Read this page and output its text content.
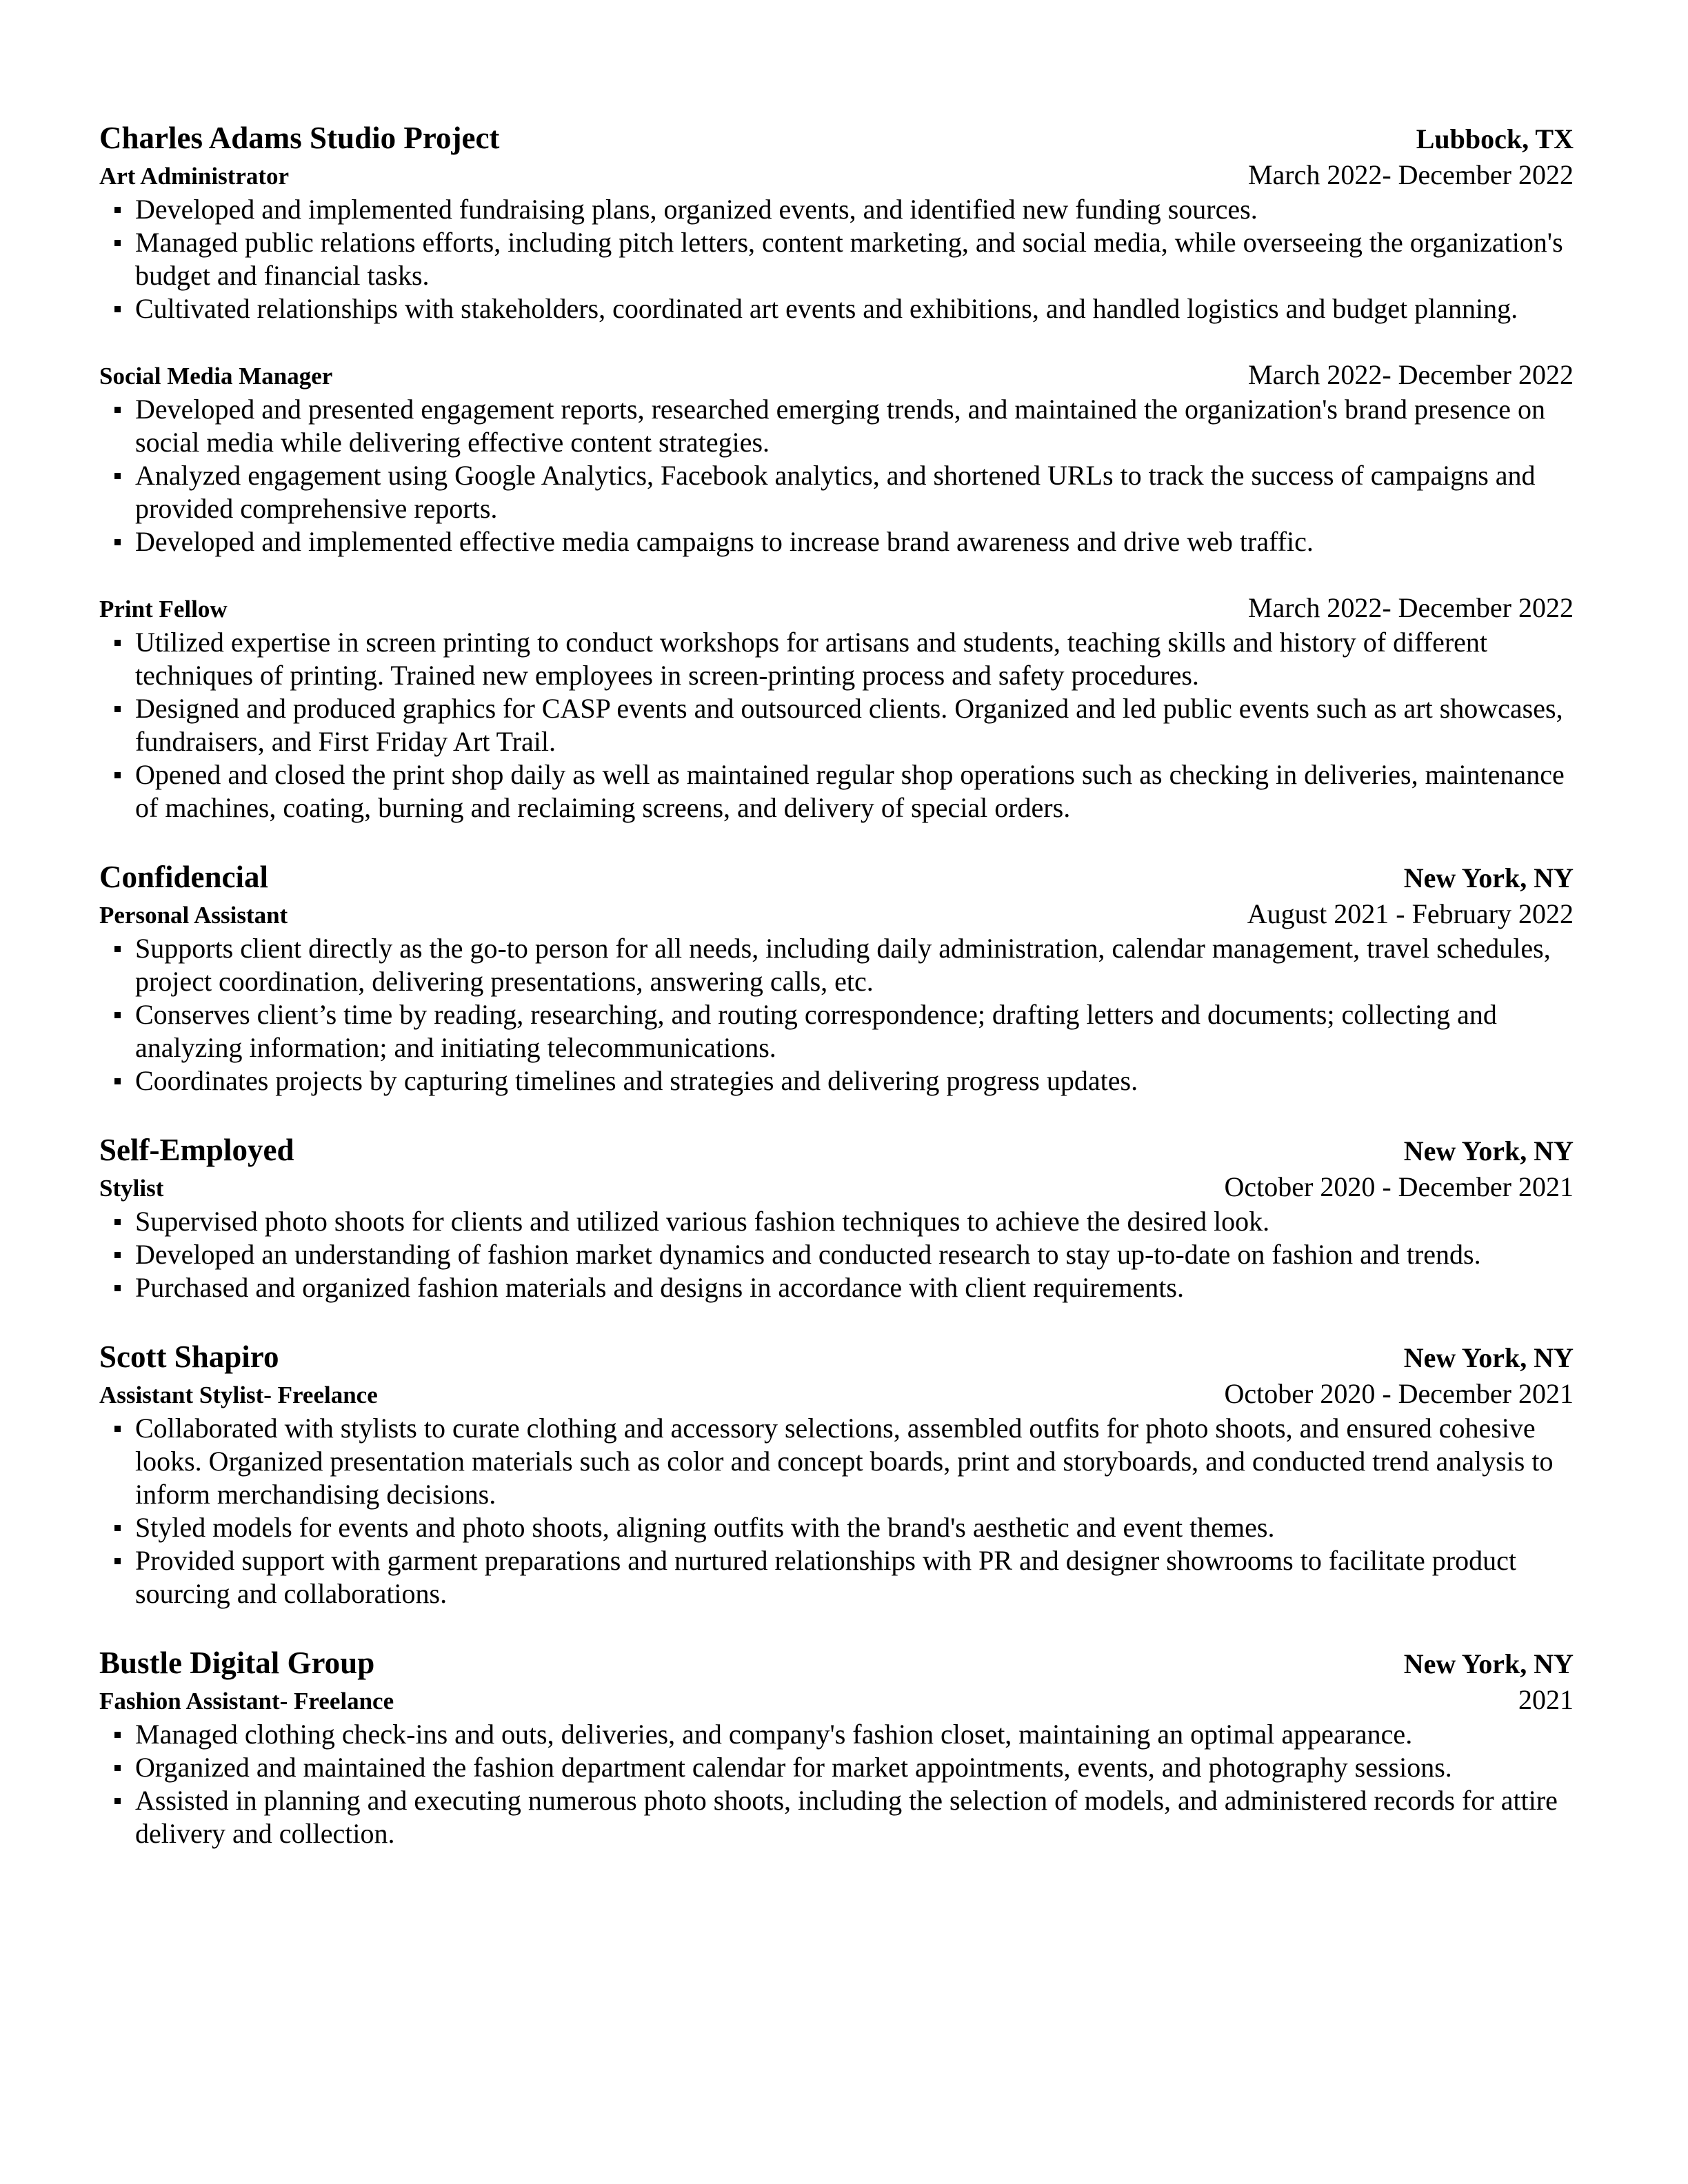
Charles Adams Studio Project	Lubbock, TX
Art Administrator	March 2022- December 2022
Developed and implemented fundraising plans, organized events, and identified new funding sources.
Managed public relations efforts, including pitch letters, content marketing, and social media, while overseeing the organization's budget and financial tasks.
Cultivated relationships with stakeholders, coordinated art events and exhibitions, and handled logistics and budget planning.
Social Media Manager	March 2022- December 2022
Developed and presented engagement reports, researched emerging trends, and maintained the organization's brand presence on social media while delivering effective content strategies.
Analyzed engagement using Google Analytics, Facebook analytics, and shortened URLs to track the success of campaigns and provided comprehensive reports.
Developed and implemented effective media campaigns to increase brand awareness and drive web traffic.
Print Fellow	March 2022- December 2022
Utilized expertise in screen printing to conduct workshops for artisans and students, teaching skills and history of different techniques of printing. Trained new employees in screen-printing process and safety procedures.
Designed and produced graphics for CASP events and outsourced clients. Organized and led public events such as art showcases, fundraisers, and First Friday Art Trail.
Opened and closed the print shop daily as well as maintained regular shop operations such as checking in deliveries, maintenance of machines, coating, burning and reclaiming screens, and delivery of special orders.
Confidencial	New York, NY
Personal Assistant	August 2021 - February 2022
Supports client directly as the go-to person for all needs, including daily administration, calendar management, travel schedules, project coordination, delivering presentations, answering calls, etc.
Conserves client’s time by reading, researching, and routing correspondence; drafting letters and documents; collecting and analyzing information; and initiating telecommunications.
Coordinates projects by capturing timelines and strategies and delivering progress updates.
Self-Employed	New York, NY
Stylist	October 2020 - December 2021
Supervised photo shoots for clients and utilized various fashion techniques to achieve the desired look.
Developed an understanding of fashion market dynamics and conducted research to stay up-to-date on fashion and trends.
Purchased and organized fashion materials and designs in accordance with client requirements.
Scott Shapiro	New York, NY
Assistant Stylist- Freelance	October 2020 - December 2021
Collaborated with stylists to curate clothing and accessory selections, assembled outfits for photo shoots, and ensured cohesive looks. Organized presentation materials such as color and concept boards, print and storyboards, and conducted trend analysis to inform merchandising decisions.
Styled models for events and photo shoots, aligning outfits with the brand's aesthetic and event themes.
Provided support with garment preparations and nurtured relationships with PR and designer showrooms to facilitate product sourcing and collaborations.
Bustle Digital Group	New York, NY
Fashion Assistant- Freelance	2021
Managed clothing check-ins and outs, deliveries, and company's fashion closet, maintaining an optimal appearance.
Organized and maintained the fashion department calendar for market appointments, events, and photography sessions.
Assisted in planning and executing numerous photo shoots, including the selection of models, and administered records for attire delivery and collection.
